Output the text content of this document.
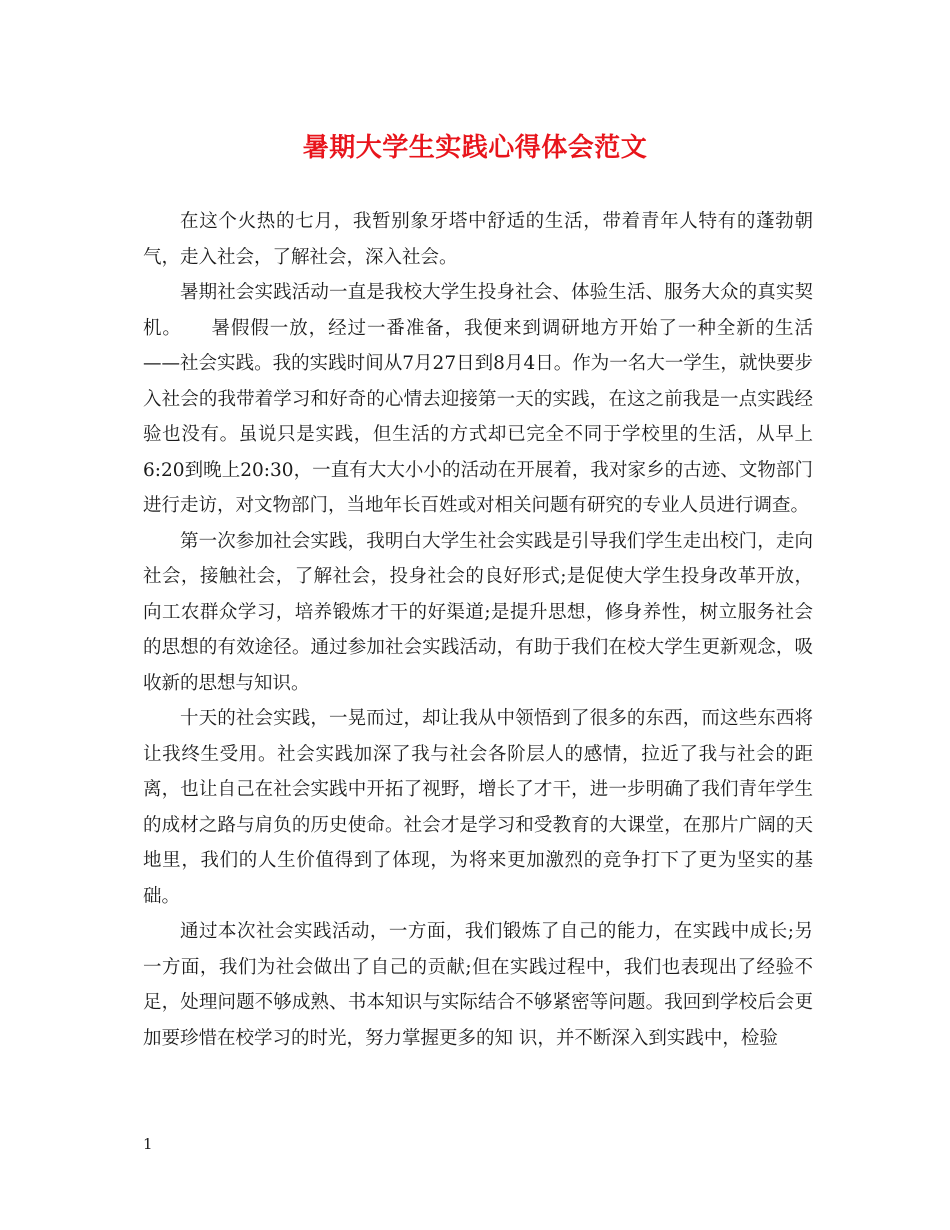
暑期大学生实践心得体会范文

在这个火热的七月，我暂别象牙塔中舒适的生活，带着青年人特有的蓬勃朝气，走入社会，了解社会，深入社会。

暑期社会实践活动一直是我校大学生投身社会、体验生活、服务大众的真实契机。　　暑假假一放，经过一番准备，我便来到调研地方开始了一种全新的生活——社会实践。我的实践时间从7月27日到8月4日。作为一名大一学生，就快要步入社会的我带着学习和好奇的心情去迎接第一天的实践，在这之前我是一点实践经验也没有。虽说只是实践，但生活的方式却已完全不同于学校里的生活，从早上6:20到晚上20:30，一直有大大小小的活动在开展着，我对家乡的古迹、文物部门进行走访，对文物部门，当地年长百姓或对相关问题有研究的专业人员进行调查。

第一次参加社会实践，我明白大学生社会实践是引导我们学生走出校门，走向社会，接触社会，了解社会，投身社会的良好形式;是促使大学生投身改革开放，向工农群众学习，培养锻炼才干的好渠道;是提升思想，修身养性，树立服务社会的思想的有效途径。通过参加社会实践活动，有助于我们在校大学生更新观念，吸收新的思想与知识。

十天的社会实践，一晃而过，却让我从中领悟到了很多的东西，而这些东西将让我终生受用。社会实践加深了我与社会各阶层人的感情，拉近了我与社会的距离，也让自己在社会实践中开拓了视野，增长了才干，进一步明确了我们青年学生的成材之路与肩负的历史使命。社会才是学习和受教育的大课堂，在那片广阔的天地里，我们的人生价值得到了体现，为将来更加激烈的竞争打下了更为坚实的基础。

通过本次社会实践活动，一方面，我们锻炼了自己的能力，在实践中成长;另一方面，我们为社会做出了自己的贡献;但在实践过程中，我们也表现出了经验不足，处理问题不够成熟、书本知识与实际结合不够紧密等问题。我回到学校后会更加要珍惜在校学习的时光，努力掌握更多的知 识，并不断深入到实践中，检验

1
